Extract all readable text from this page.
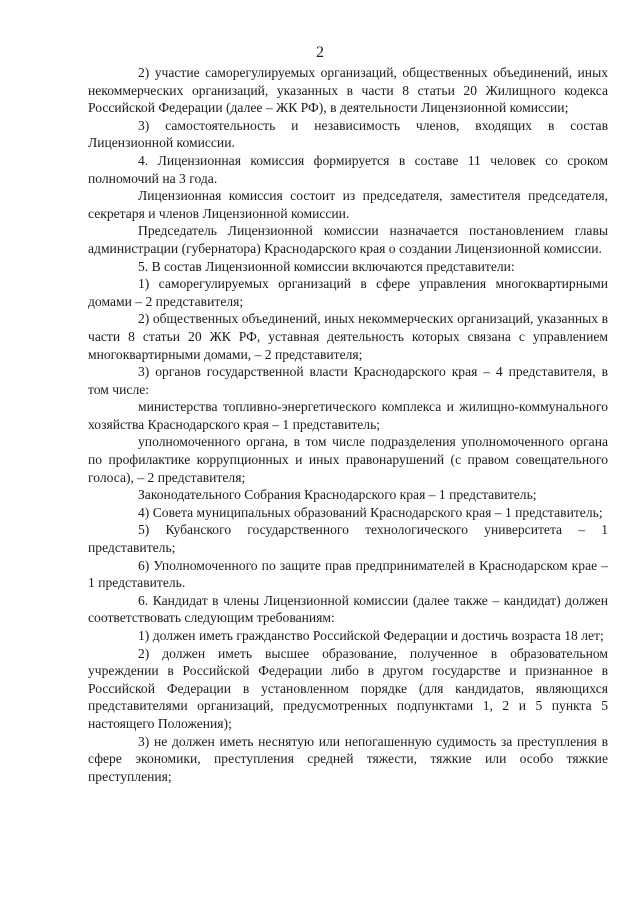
2

2) участие саморегулируемых организаций, общественных объединений, иных некоммерческих организаций, указанных в части 8 статьи 20 Жилищного кодекса Российской Федерации (далее – ЖК РФ), в деятельности Лицензионной комиссии;

3) самостоятельность и независимость членов, входящих в состав Лицензионной комиссии.

4. Лицензионная комиссия формируется в составе 11 человек со сроком полномочий на 3 года.

Лицензионная комиссия состоит из председателя, заместителя председателя, секретаря и членов Лицензионной комиссии.

Председатель Лицензионной комиссии назначается постановлением главы администрации (губернатора) Краснодарского края о создании Лицензионной комиссии.

5. В состав Лицензионной комиссии включаются представители:

1) саморегулируемых организаций в сфере управления многоквартирными домами – 2 представителя;

2) общественных объединений, иных некоммерческих организаций, указанных в части 8 статьи 20 ЖК РФ, уставная деятельность которых связана с управлением многоквартирными домами, – 2 представителя;

3) органов государственной власти Краснодарского края – 4 представителя, в том числе:

министерства топливно-энергетического комплекса и жилищно-коммунального хозяйства Краснодарского края – 1 представитель;

уполномоченного органа, в том числе подразделения уполномоченного органа по профилактике коррупционных и иных правонарушений (с правом совещательного голоса), – 2 представителя;

Законодательного Собрания Краснодарского края – 1 представитель;

4) Совета муниципальных образований Краснодарского края – 1 представитель;

5) Кубанского государственного технологического университета – 1 представитель;

6) Уполномоченного по защите прав предпринимателей в Краснодарском крае – 1 представитель.

6. Кандидат в члены Лицензионной комиссии (далее также – кандидат) должен соответствовать следующим требованиям:

1) должен иметь гражданство Российской Федерации и достичь возраста 18 лет;

2) должен иметь высшее образование, полученное в образовательном учреждении в Российской Федерации либо в другом государстве и признанное в Российской Федерации в установленном порядке (для кандидатов, являющихся представителями организаций, предусмотренных подпунктами 1, 2 и 5 пункта 5 настоящего Положения);

3) не должен иметь неснятую или непогашенную судимость за преступления в сфере экономики, преступления средней тяжести, тяжкие или особо тяжкие преступления;
